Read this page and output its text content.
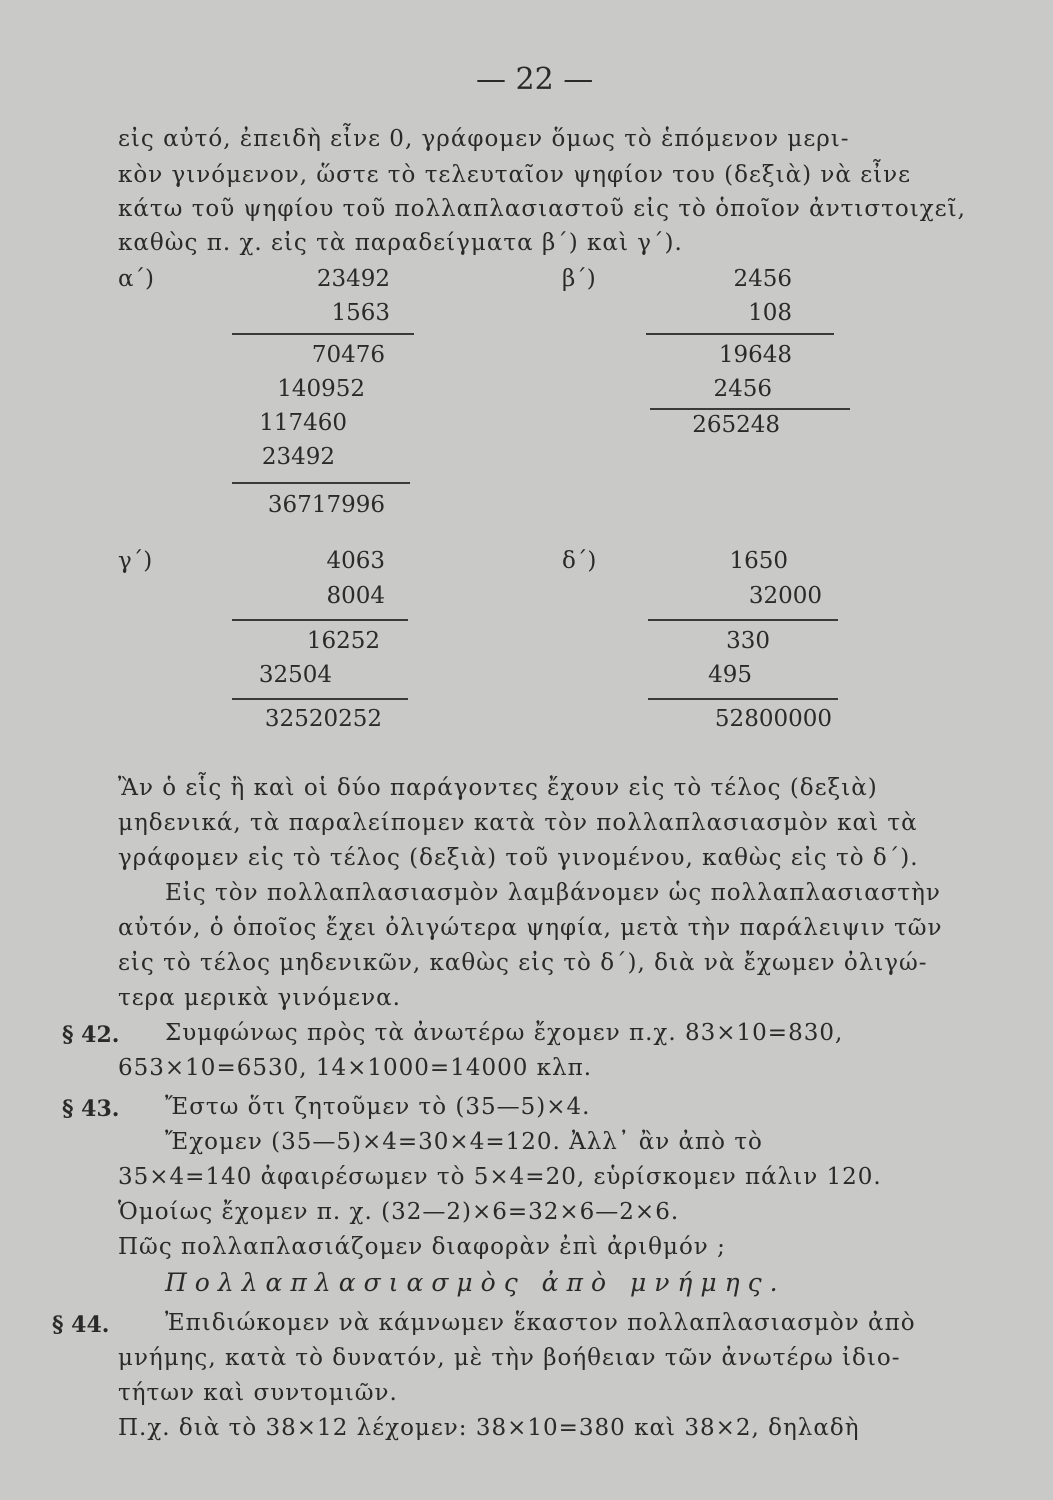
— 22 —
εἰς αὐτό, ἐπειδὴ εἶνε 0, γράφομεν ὅμως τὸ ἑπόμενον μερι-
κὸν γινόμενον, ὥστε τὸ τελευταῖον ψηφίον του (δεξιὰ) νὰ εἶνε
κάτω τοῦ ψηφίου τοῦ πολλαπλασιαστοῦ εἰς τὸ ὁποῖον ἀντιστοιχεῖ,
καθὼς π. χ. εἰς τὰ παραδείγματα β΄) καὶ γ΄).
α΄)	23492
1563
70476
140952
117460
23492
36717996
β΄)	2456
108
19648
2456
265248
γ΄)	4063
8004
16252
32504
32520252
δ΄)	1650
32000
330
495
52800000
Ἂν ὁ εἷς ἢ καὶ οἱ δύο παράγοντες ἔχουν εἰς τὸ τέλος (δεξιὰ)
μηδενικά, τὰ παραλείπομεν κατὰ τὸν πολλαπλασιασμὸν καὶ τὰ
γράφομεν εἰς τὸ τέλος (δεξιὰ) τοῦ γινομένου, καθὼς εἰς τὸ δ΄).
Εἰς τὸν πολλαπλασιασμὸν λαμβάνομεν ὡς πολλαπλασιαστὴν
αὐτόν, ὁ ὁποῖος ἔχει ὀλιγώτερα ψηφία, μετὰ τὴν παράλειψιν τῶν
εἰς τὸ τέλος μηδενικῶν, καθὼς εἰς τὸ δ΄), διὰ νὰ ἔχωμεν ὀλιγώ-
τερα μερικὰ γινόμενα.
§ 42. Συμφώνως πρὸς τὰ ἀνωτέρω ἔχομεν π.χ. 83×10=830,
653×10=6530, 14×1000=14000 κλπ.
§ 43. Ἔστω ὅτι ζητοῦμεν τὸ (35—5)×4.
Ἔχομεν (35—5)×4=30×4=120. Ἀλλ᾽ ἂν ἀπὸ τὸ
35×4=140 ἀφαιρέσωμεν τὸ 5×4=20, εὑρίσκομεν πάλιν 120.
Ὁμοίως ἔχομεν π. χ. (32—2)×6=32×6—2×6.
Πῶς πολλαπλασιάζομεν διαφορὰν ἐπὶ ἀριθμόν ;
Πολλαπλασιασμὸς ἀπὸ μνήμης.
§ 44. Ἐπιδιώκομεν νὰ κάμνωμεν ἕκαστον πολλαπλασιασμὸν ἀπὸ
μνήμης, κατὰ τὸ δυνατόν, μὲ τὴν βοήθειαν τῶν ἀνωτέρω ἰδιο-
τήτων καὶ συντομιῶν.
Π.χ. διὰ τὸ 38×12 λέχομεν: 38×10=380 καὶ 38×2, δηλαδὴ
